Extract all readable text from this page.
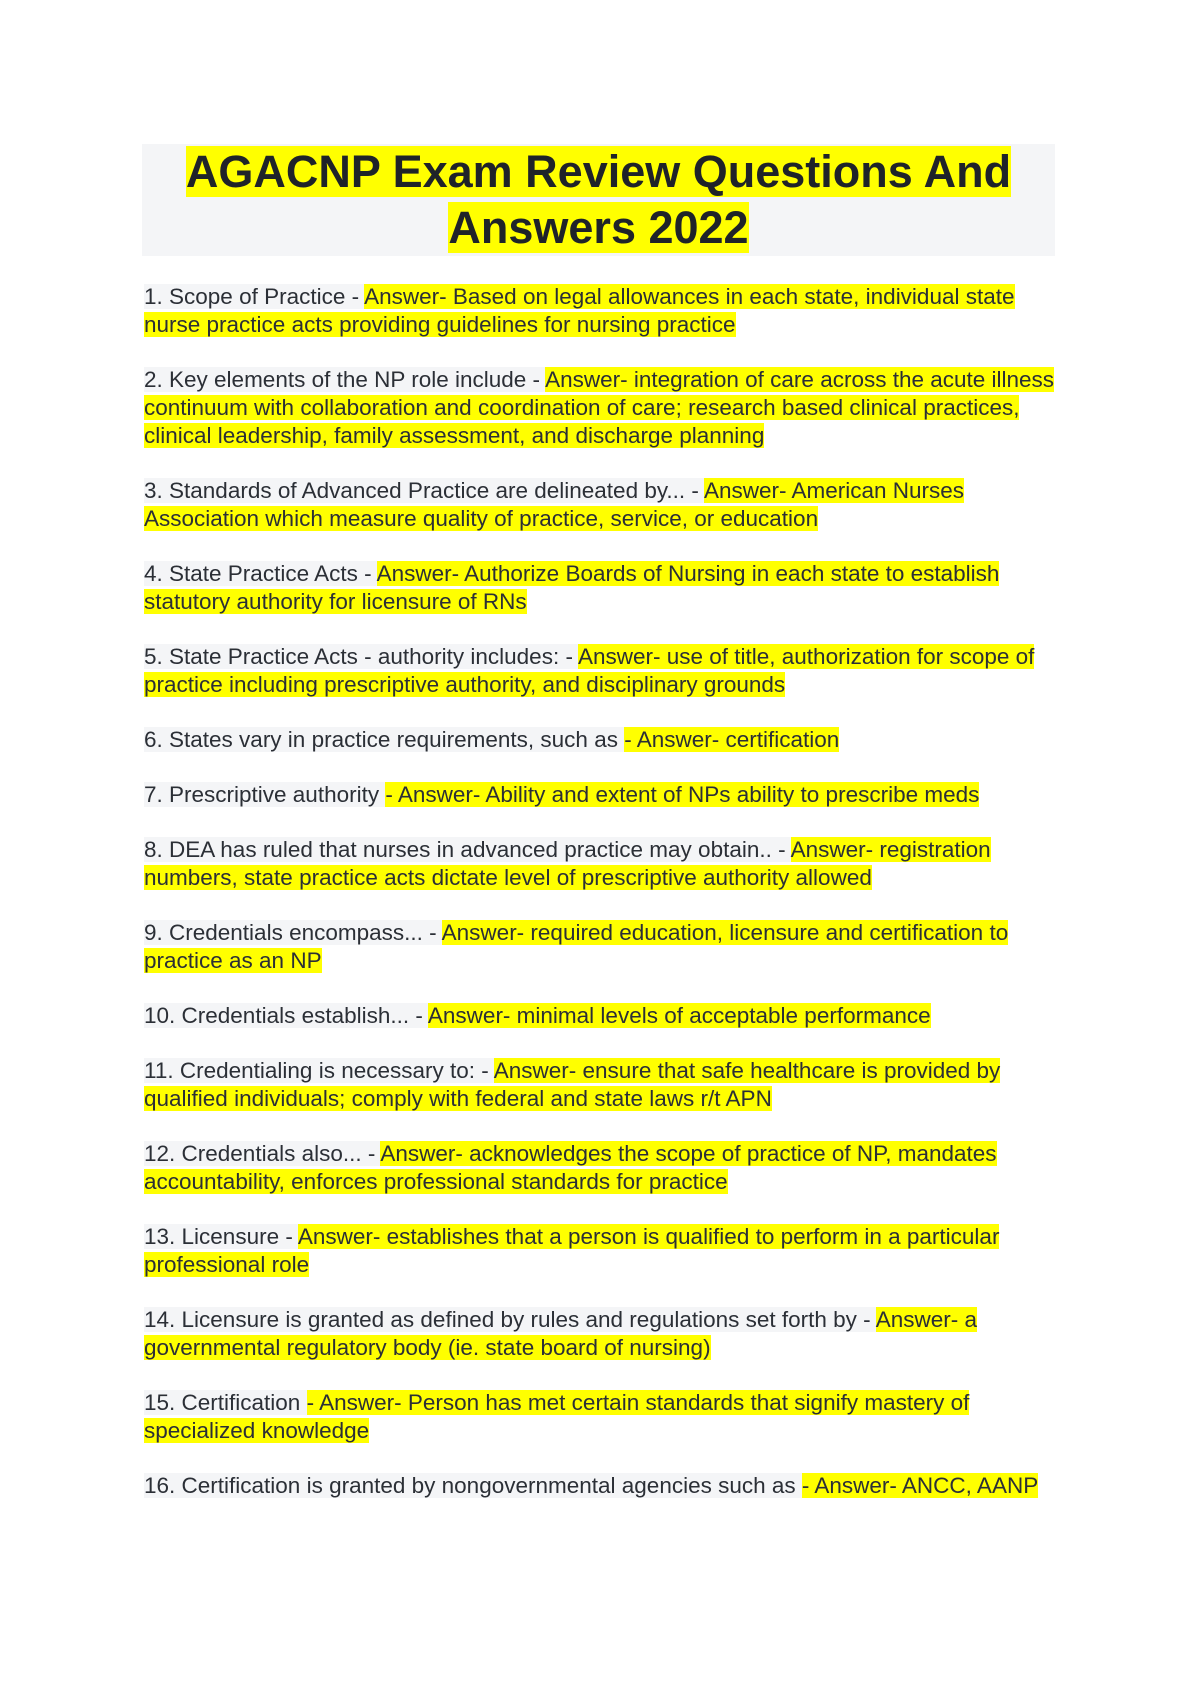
AGACNP Exam Review Questions And
Answers 2022

1. Scope of Practice - Answer- Based on legal allowances in each state, individual state nurse practice acts providing guidelines for nursing practice

2. Key elements of the NP role include - Answer- integration of care across the acute illness continuum with collaboration and coordination of care; research based clinical practices, clinical leadership, family assessment, and discharge planning

3. Standards of Advanced Practice are delineated by... - Answer- American Nurses Association which measure quality of practice, service, or education

4. State Practice Acts - Answer- Authorize Boards of Nursing in each state to establish statutory authority for licensure of RNs

5. State Practice Acts - authority includes: - Answer- use of title, authorization for scope of practice including prescriptive authority, and disciplinary grounds

6. States vary in practice requirements, such as - Answer- certification

7. Prescriptive authority - Answer- Ability and extent of NPs ability to prescribe meds

8. DEA has ruled that nurses in advanced practice may obtain.. - Answer- registration numbers, state practice acts dictate level of prescriptive authority allowed

9. Credentials encompass... - Answer- required education, licensure and certification to practice as an NP

10. Credentials establish... - Answer- minimal levels of acceptable performance

11. Credentialing is necessary to: - Answer- ensure that safe healthcare is provided by qualified individuals; comply with federal and state laws r/t APN

12. Credentials also... - Answer- acknowledges the scope of practice of NP, mandates accountability, enforces professional standards for practice

13. Licensure - Answer- establishes that a person is qualified to perform in a particular professional role

14. Licensure is granted as defined by rules and regulations set forth by - Answer- a governmental regulatory body (ie. state board of nursing)

15. Certification - Answer- Person has met certain standards that signify mastery of specialized knowledge

16. Certification is granted by nongovernmental agencies such as - Answer- ANCC, AANP
